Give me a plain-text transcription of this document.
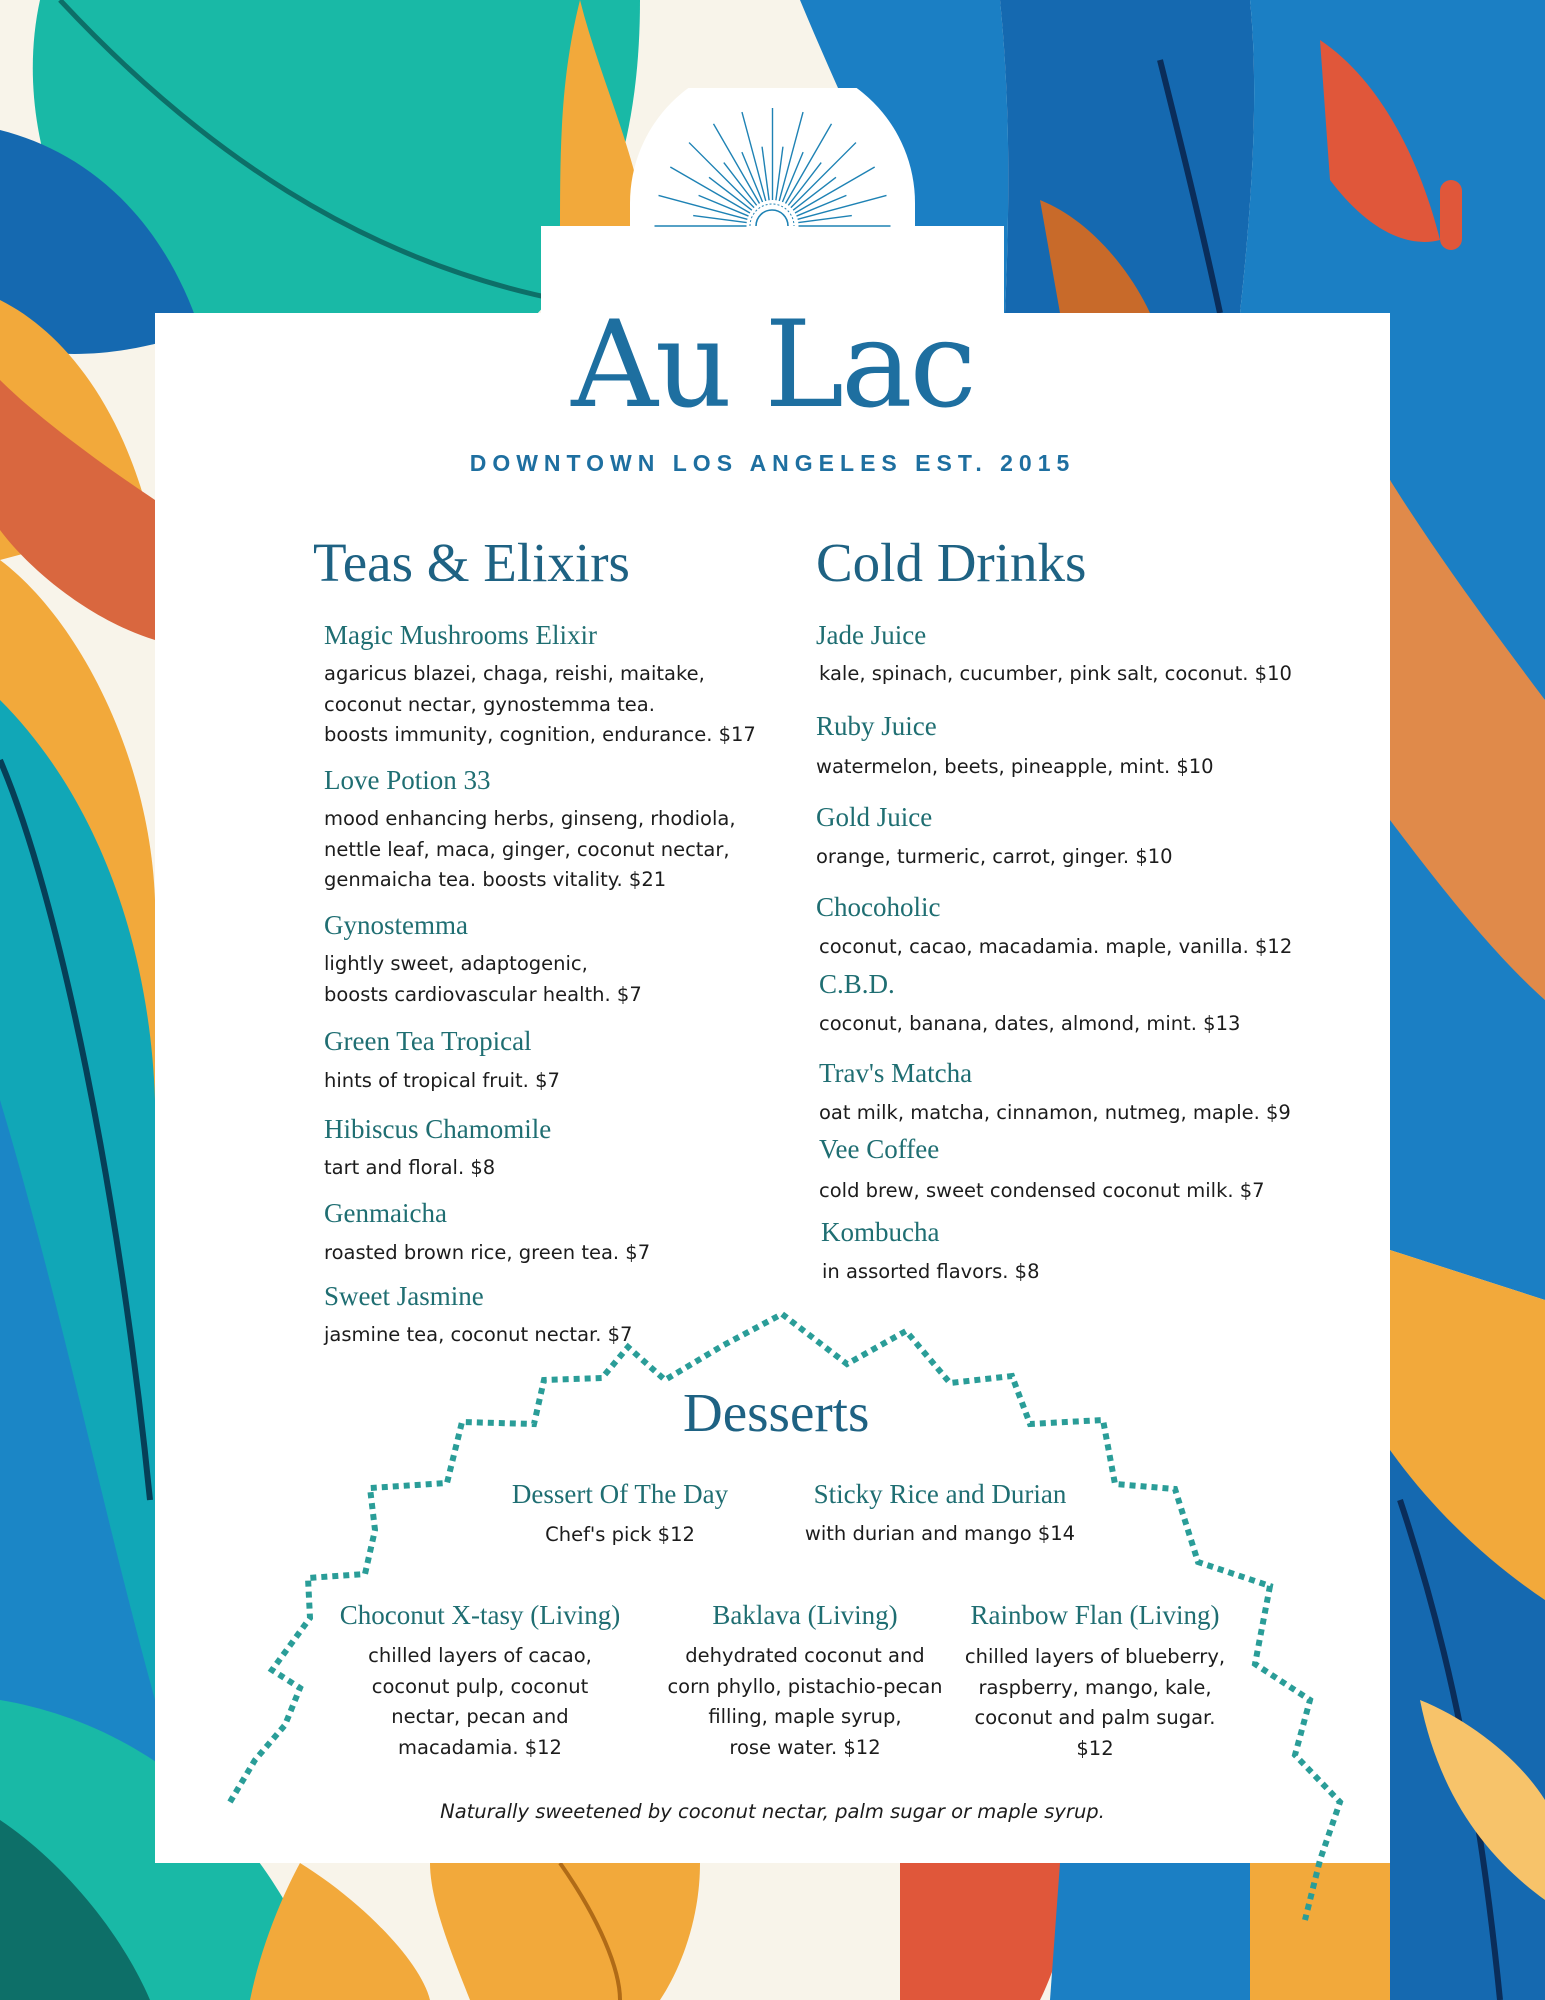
Au Lac

DOWNTOWN LOS ANGELES EST. 2015

Teas & Elixirs

Magic Mushrooms Elixir

agaricus blazei, chaga, reishi, maitake,
coconut nectar, gynostemma tea.
boosts immunity, cognition, endurance. $17

Love Potion 33

mood enhancing herbs, ginseng, rhodiola,
nettle leaf, maca, ginger, coconut nectar,
genmaicha tea. boosts vitality. $21

Gynostemma

lightly sweet, adaptogenic,
boosts cardiovascular health. $7

Green Tea Tropical

hints of tropical fruit. $7

Hibiscus Chamomile

tart and floral. $8

Genmaicha

roasted brown rice, green tea. $7

Sweet Jasmine

jasmine tea, coconut nectar. $7

Cold Drinks

Jade Juice

kale, spinach, cucumber, pink salt, coconut. $10

Ruby Juice

watermelon, beets, pineapple, mint. $10

Gold Juice

orange, turmeric, carrot, ginger. $10

Chocoholic

coconut, cacao, macadamia. maple, vanilla. $12

C.B.D.

coconut, banana, dates, almond, mint. $13

Trav's Matcha

oat milk, matcha, cinnamon, nutmeg, maple. $9

Vee Coffee

cold brew, sweet condensed coconut milk. $7

Kombucha

in assorted flavors. $8

Desserts

Dessert Of The Day

Chef's pick $12

Sticky Rice and Durian

with durian and mango $14

Choconut X-tasy (Living)

chilled layers of cacao,
coconut pulp, coconut
nectar, pecan and
macadamia. $12

Baklava (Living)

dehydrated coconut and
corn phyllo, pistachio-pecan
filling, maple syrup,
rose water. $12

Rainbow Flan (Living)

chilled layers of blueberry,
raspberry, mango, kale,
coconut and palm sugar.
$12

Naturally sweetened by coconut nectar, palm sugar or maple syrup.
